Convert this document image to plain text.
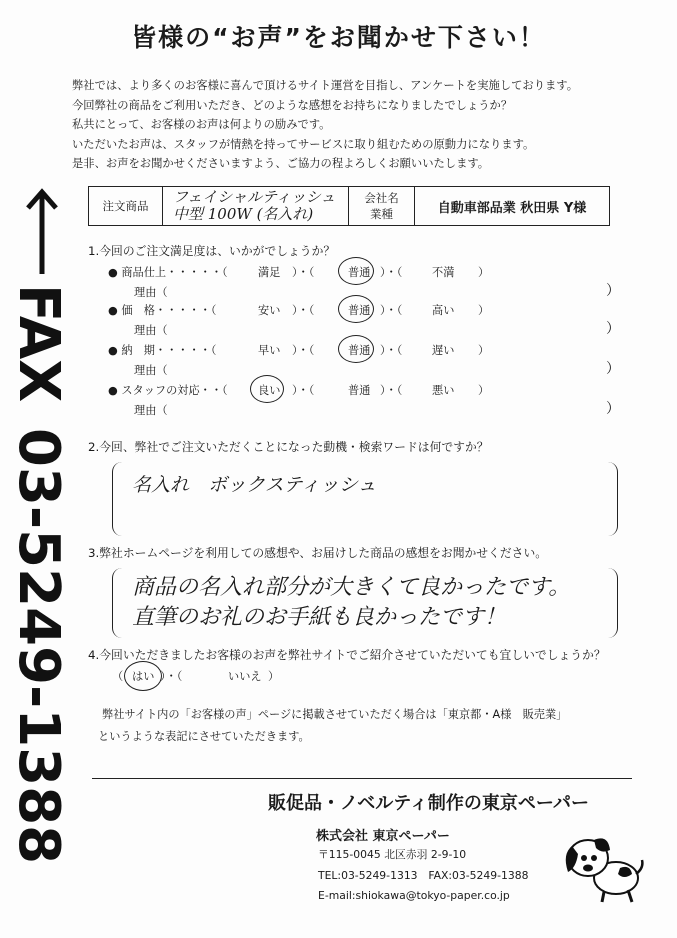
皆様の“お声”をお聞かせ下さい！
弊社では、より多くのお客様に喜んで頂けるサイト運営を目指し、アンケートを実施しております。
今回弊社の商品をご利用いただき、どのような感想をお持ちになりましたでしょうか？
私共にとって、お客様のお声は何よりの励みです。
いただいたお声は、スタッフが情熱を持ってサービスに取り組むための原動力になります。
是非、お声をお聞かせくださいますよう、ご協力の程よろしくお願いいたします。
FAX
03-5249-1388
注文商品	フェイシャルティッシュ
中型 100W (名入れ)
会社名
業種	自動車部品業 秋田県 Y様
1.今回のご注文満足度は、いかがでしょうか？
● 商品仕上・・・・・（	満足 ）・（	普通 ）・（	不満 ）
理由（	）
● 価　格・・・・・（	安い ）・（	普通 ）・（	高い ）
理由（	）
● 納　期・・・・・（	早い ）・（	普通 ）・（	遅い ）
理由（	）
● スタッフの対応・・（	良い ）・（	普通 ）・（	悪い ）
理由（	）
2.今回、弊社でご注文いただくことになった動機・検索ワードは何ですか？
名入れ　ボックスティッシュ
3.弊社ホームページを利用しての感想や、お届けした商品の感想をお聞かせください。
商品の名入れ部分が大きくて良かったです。
直筆のお礼のお手紙も良かったです！
4.今回いただきましたお客様のお声を弊社サイトでご紹介させていただいても宜しいでしょうか？
（ はい ）・（	いいえ ）
弊社サイト内の「お客様の声」ページに掲載させていただく場合は「東京都・A様　販売業」
というような表記にさせていただきます。
販促品・ノベルティ制作の東京ペーパー
株式会社 東京ペーパー
〒115-0045 北区赤羽 2-9-10
TEL:03-5249-1313　FAX:03-5249-1388
E-mail:shiokawa@tokyo-paper.co.jp
